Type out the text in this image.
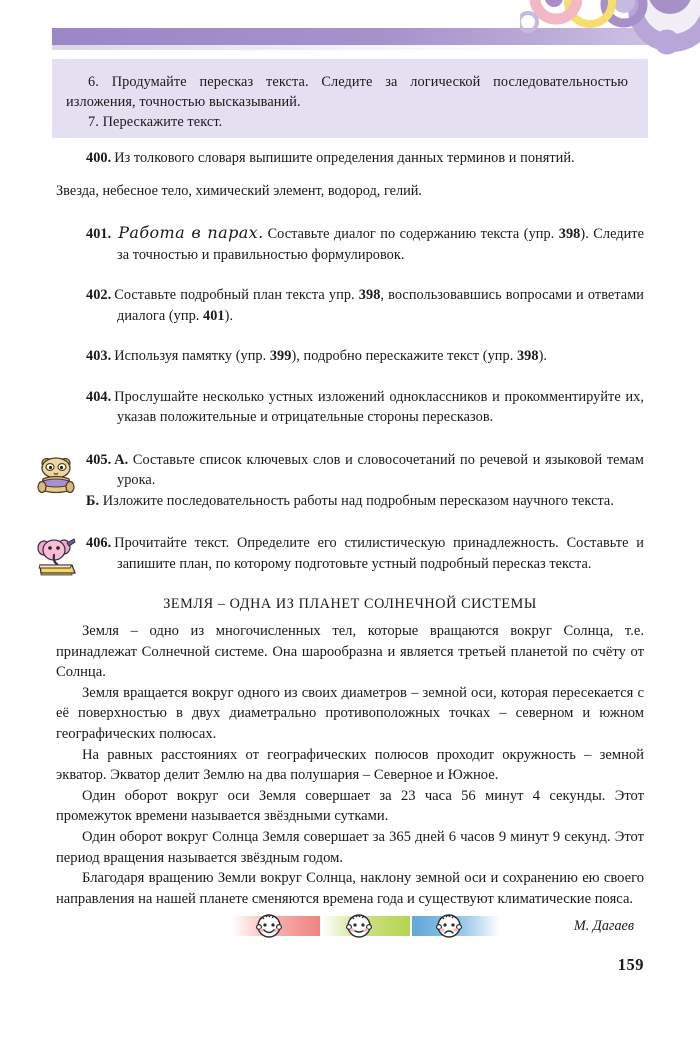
6. Продумайте пересказ текста. Следите за логической последовательностью изложения, точностью высказываний.

7. Перескажите текст.

400. Из толкового словаря выпишите определения данных терминов и понятий.

Звезда, небесное тело, химический элемент, водород, гелий.

401. Работа в парах. Составьте диалог по содержанию текста (упр. 398). Следите за точностью и правильностью формулировок.

402. Составьте подробный план текста упр. 398, воспользовавшись вопросами и ответами диалога (упр. 401).

403. Используя памятку (упр. 399), подробно перескажите текст (упр. 398).

404. Прослушайте несколько устных изложений одноклассников и прокомментируйте их, указав положительные и отрицательные стороны пересказов.

405. А. Составьте список ключевых слов и словосочетаний по речевой и языковой темам урока.

Б. Изложите последовательность работы над подробным пересказом научного текста.

406. Прочитайте текст. Определите его стилистическую принадлежность. Составьте и запишите план, по которому подготовьте устный подробный пересказ текста.

ЗЕМЛЯ – ОДНА ИЗ ПЛАНЕТ СОЛНЕЧНОЙ СИСТЕМЫ

Земля – одно из многочисленных тел, которые вращаются вокруг Солнца, т.е. принадлежат Солнечной системе. Она шарообразна и является третьей планетой по счёту от Солнца.

Земля вращается вокруг одного из своих диаметров – земной оси, которая пересекается с её поверхностью в двух диаметрально противоположных точках – северном и южном географических полюсах.

На равных расстояниях от географических полюсов проходит окружность – земной экватор. Экватор делит Землю на два полушария – Северное и Южное.

Один оборот вокруг оси Земля совершает за 23 часа 56 минут 4 секунды. Этот промежуток времени называется звёздными сутками.

Один оборот вокруг Солнца Земля совершает за 365 дней 6 часов 9 минут 9 секунд. Этот период вращения называется звёздным годом.

Благодаря вращению Земли вокруг Солнца, наклону земной оси и сохранению ею своего направления на нашей планете сменяются времена года и существуют климатические пояса.

М. Дагаев
159
